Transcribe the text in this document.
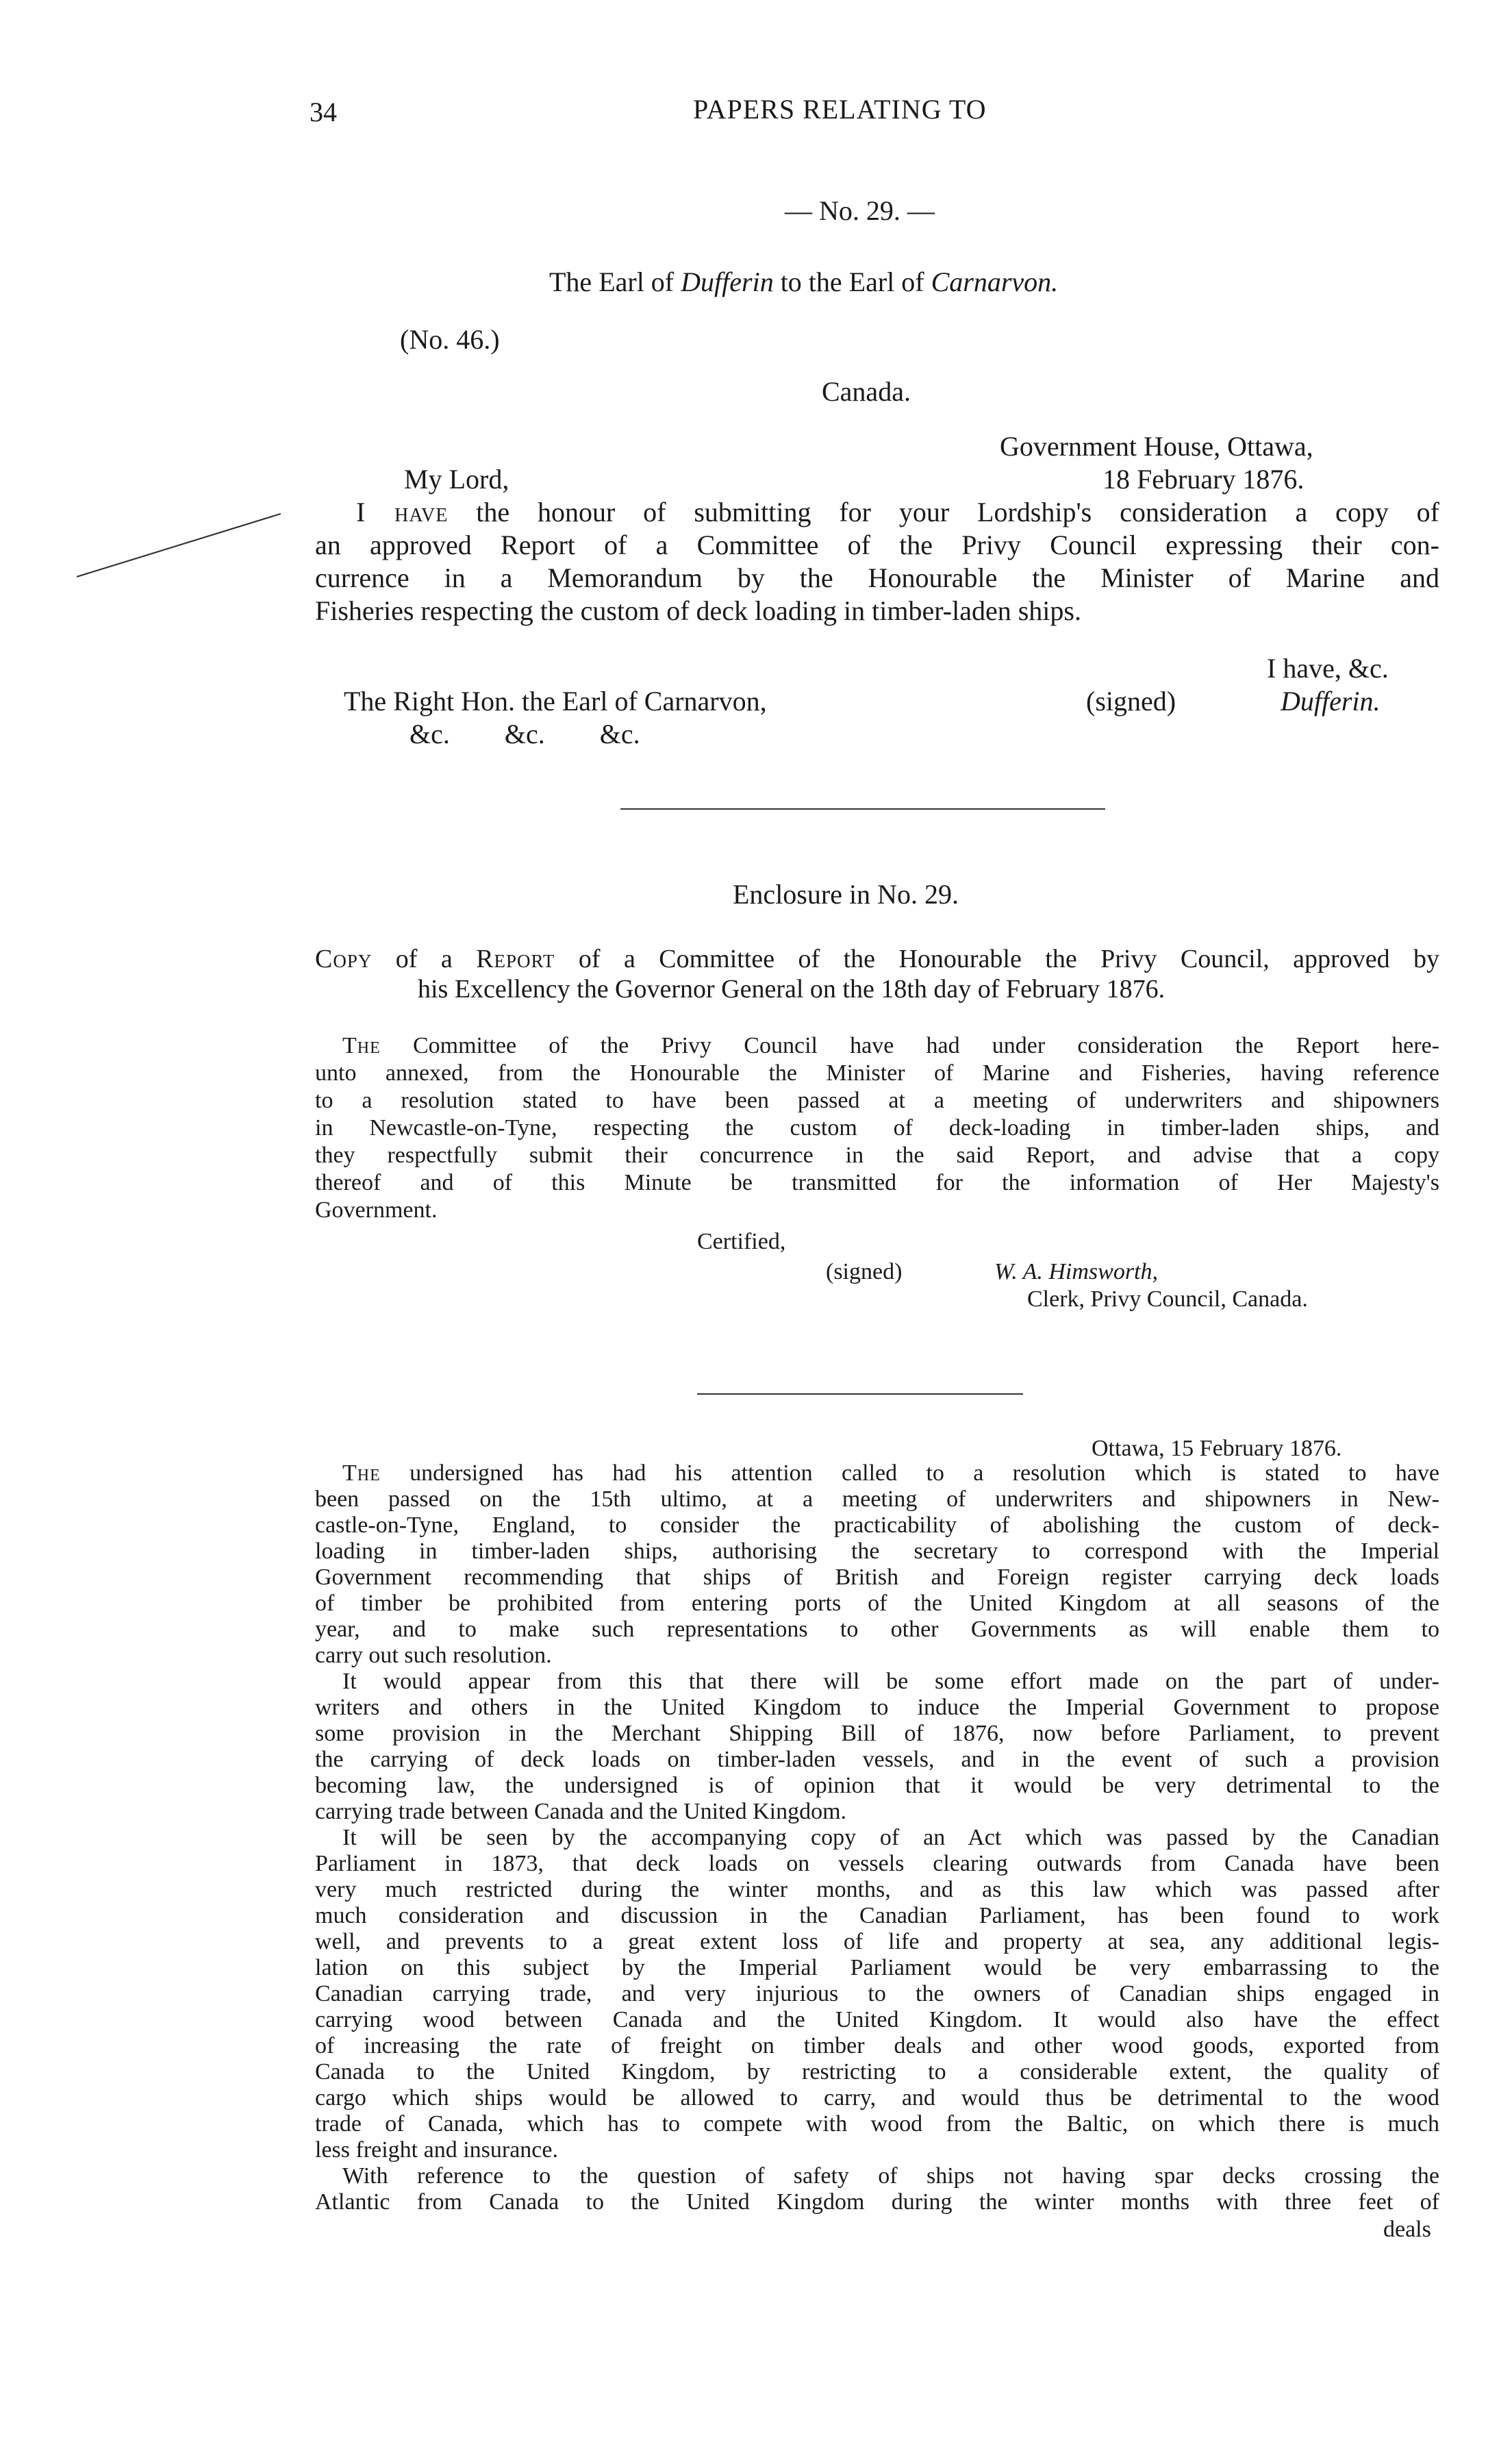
34	PAPERS RELATING TO
— No. 29. —
The Earl of Dufferin to the Earl of Carnarvon.
(No. 46.)
Canada.
Government House, Ottawa,
My Lord,	18 February 1876.
I have the honour of submitting for your Lordship's consideration a copy of
an approved Report of a Committee of the Privy Council expressing their con-
currence in a Memorandum by the Honourable the Minister of Marine and
Fisheries respecting the custom of deck loading in timber-laden ships.
I have, &c.
The Right Hon. the Earl of Carnarvon,	(signed)	Dufferin.
&c.        &c.        &c.
Enclosure in No. 29.
Copy of a Report of a Committee of the Honourable the Privy Council, approved by
his Excellency the Governor General on the 18th day of February 1876.
The Committee of the Privy Council have had under consideration the Report here-
unto annexed, from the Honourable the Minister of Marine and Fisheries, having reference
to a resolution stated to have been passed at a meeting of underwriters and shipowners
in Newcastle-on-Tyne, respecting the custom of deck-loading in timber-laden ships, and
they respectfully submit their concurrence in the said Report, and advise that a copy
thereof and of this Minute be transmitted for the information of Her Majesty's
Government.
Certified,
(signed)	W. A. Himsworth,
Clerk, Privy Council, Canada.
Ottawa, 15 February 1876.
The undersigned has had his attention called to a resolution which is stated to have
been passed on the 15th ultimo, at a meeting of underwriters and shipowners in New-
castle-on-Tyne, England, to consider the practicability of abolishing the custom of deck-
loading in timber-laden ships, authorising the secretary to correspond with the Imperial
Government recommending that ships of British and Foreign register carrying deck loads
of timber be prohibited from entering ports of the United Kingdom at all seasons of the
year, and to make such representations to other Governments as will enable them to
carry out such resolution.
It would appear from this that there will be some effort made on the part of under-
writers and others in the United Kingdom to induce the Imperial Government to propose
some provision in the Merchant Shipping Bill of 1876, now before Parliament, to prevent
the carrying of deck loads on timber-laden vessels, and in the event of such a provision
becoming law, the undersigned is of opinion that it would be very detrimental to the
carrying trade between Canada and the United Kingdom.
It will be seen by the accompanying copy of an Act which was passed by the Canadian
Parliament in 1873, that deck loads on vessels clearing outwards from Canada have been
very much restricted during the winter months, and as this law which was passed after
much consideration and discussion in the Canadian Parliament, has been found to work
well, and prevents to a great extent loss of life and property at sea, any additional legis-
lation on this subject by the Imperial Parliament would be very embarrassing to the
Canadian carrying trade, and very injurious to the owners of Canadian ships engaged in
carrying wood between Canada and the United Kingdom. It would also have the effect
of increasing the rate of freight on timber deals and other wood goods, exported from
Canada to the United Kingdom, by restricting to a considerable extent, the quality of
cargo which ships would be allowed to carry, and would thus be detrimental to the wood
trade of Canada, which has to compete with wood from the Baltic, on which there is much
less freight and insurance.
With reference to the question of safety of ships not having spar decks crossing the
Atlantic from Canada to the United Kingdom during the winter months with three feet of
deals
